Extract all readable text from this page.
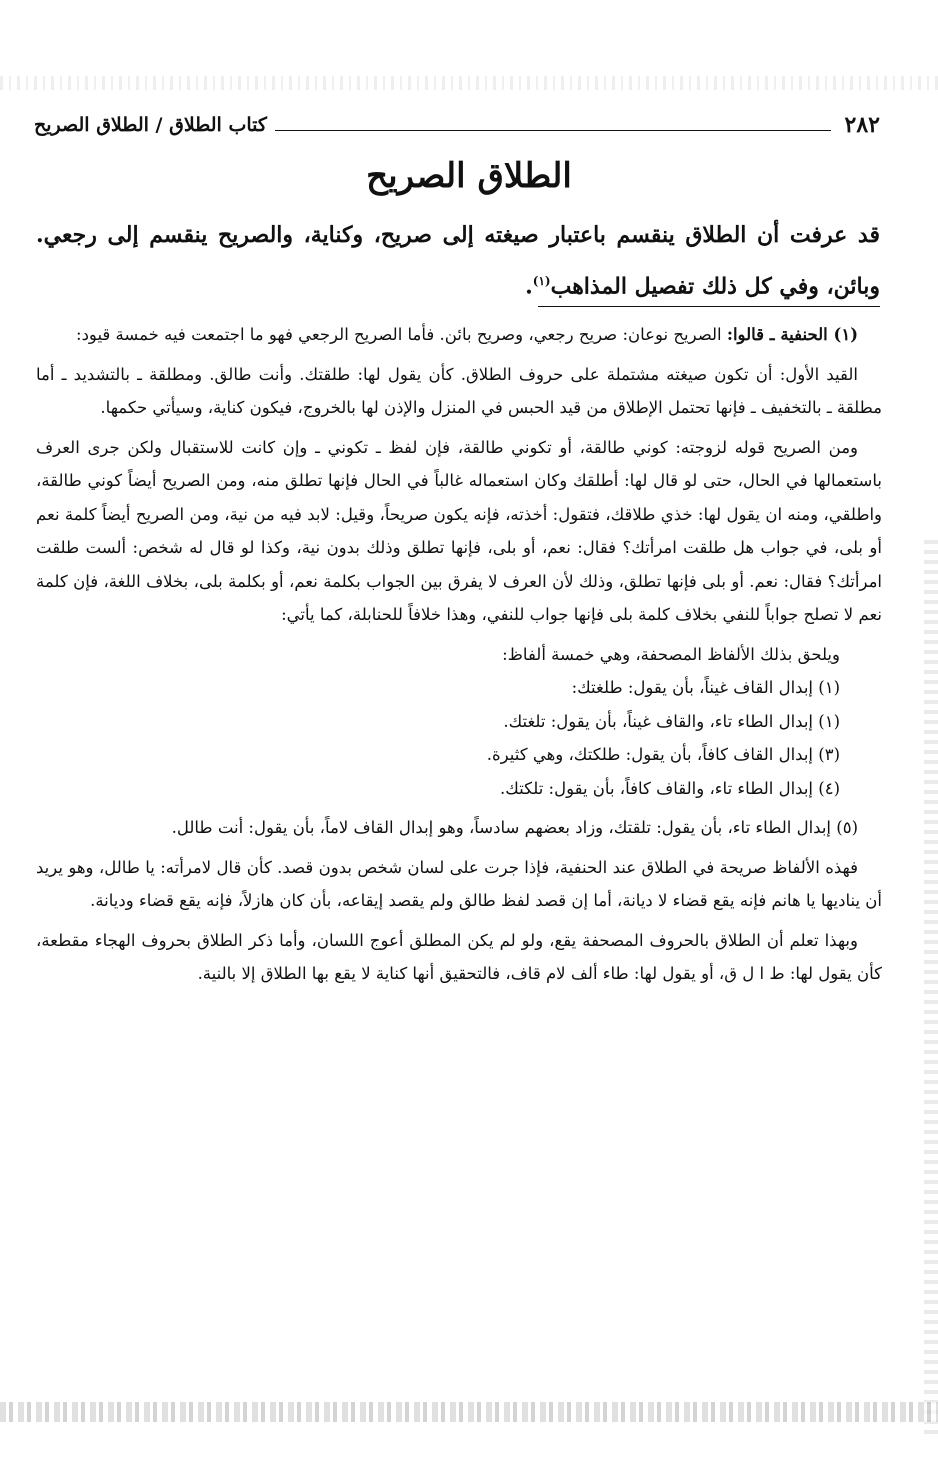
٢٨٢
كتاب الطلاق / الطلاق الصريح
الطلاق الصريح
قد عرفت أن الطلاق ينقسم باعتبار صيغته إلى صريح، وكناية، والصريح ينقسم إلى رجعي. وبائن، وفي كل ذلك تفصيل المذاهب$^{(١)}$.

(١) الحنفية ـ قالوا: الصريح نوعان: صريح رجعي، وصريح بائن. فأما الصريح الرجعي فهو ما اجتمعت فيه خمسة قيود:

القيد الأول: أن تكون صيغته مشتملة على حروف الطلاق. كأن يقول لها: طلقتك. وأنت طالق. ومطلقة ـ بالتشديد ـ أما مطلقة ـ بالتخفيف ـ فإنها تحتمل الإطلاق من قيد الحبس في المنزل والإذن لها بالخروج، فيكون كناية، وسيأتي حكمها.

ومن الصريح قوله لزوجته: كوني طالقة، أو تكوني طالقة، فإن لفظ ـ تكوني ـ وإن كانت للاستقبال ولكن جرى العرف باستعمالها في الحال، حتى لو قال لها: أطلقك وكان استعماله غالباً في الحال فإنها تطلق منه، ومن الصريح أيضاً كوني طالقة، واطلقي، ومنه ان يقول لها: خذي طلاقك، فتقول: أخذته، فإنه يكون صريحاً، وقيل: لابد فيه من نية، ومن الصريح أيضاً كلمة نعم أو بلى، في جواب هل طلقت امرأتك؟ فقال: نعم، أو بلى، فإنها تطلق وذلك بدون نية، وكذا لو قال له شخص: ألست طلقت امرأتك؟ فقال: نعم. أو بلى فإنها تطلق، وذلك لأن العرف لا يفرق بين الجواب بكلمة نعم، أو بكلمة بلى، بخلاف اللغة، فإن كلمة نعم لا تصلح جواباً للنفي بخلاف كلمة بلى فإنها جواب للنفي، وهذا خلافاً للحنابلة، كما يأتي:

ويلحق بذلك الألفاظ المصحفة، وهي خمسة ألفاظ:

(١) إبدال القاف غيناً، بأن يقول: طلغتك:

(١) إبدال الطاء تاء، والقاف غيناً، بأن يقول: تلغتك.

(٣) إبدال القاف كافاً، بأن يقول: طلكتك، وهي كثيرة.

(٤) إبدال الطاء تاء، والقاف كافاً، بأن يقول: تلكتك.

(٥) إبدال الطاء تاء، بأن يقول: تلقتك، وزاد بعضهم سادساً، وهو إبدال القاف لاماً، بأن يقول: أنت طالل.

فهذه الألفاظ صريحة في الطلاق عند الحنفية، فإذا جرت على لسان شخص بدون قصد. كأن قال لامرأته: يا طالل، وهو يريد أن يناديها يا هانم فإنه يقع قضاء لا ديانة، أما إن قصد لفظ طالق ولم يقصد إيقاعه، بأن كان هازلاً، فإنه يقع قضاء وديانة.

وبهذا تعلم أن الطلاق بالحروف المصحفة يقع، ولو لم يكن المطلق أعوج اللسان، وأما ذكر الطلاق بحروف الهجاء مقطعة، كأن يقول لها: ط ا ل ق، أو يقول لها: طاء ألف لام قاف، فالتحقيق أنها كناية لا يقع بها الطلاق إلا بالنية.
